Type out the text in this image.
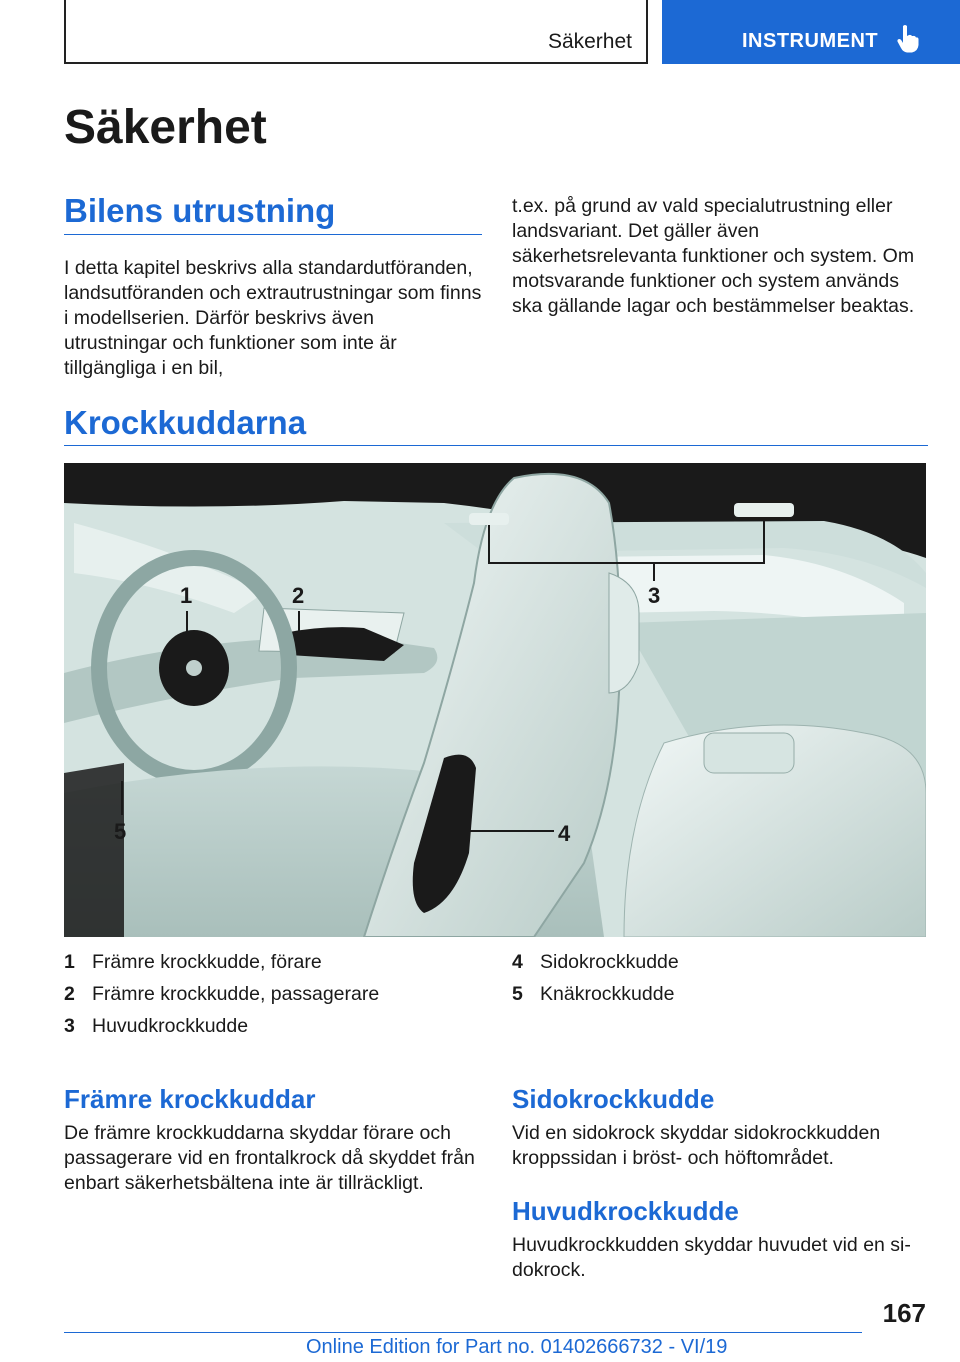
Säkerhet	INSTRUMENT
Säkerhet
Bilens utrustning

I detta kapitel beskrivs alla standardutföranden, landsutföranden och extrautrustningar som finns i modellserien. Därför beskrivs även utrustningar och funktioner som inte är tillgängliga i en bil,

t.ex. på grund av vald specialutrustning eller landsvariant. Det gäller även säkerhetsrelevanta funktioner och system. Om motsvarande funktioner och system används ska gällande lagar och bestämmelser beaktas.

Krockkuddarna
1	2	3
4
5
1 Främre krockkudde, förare
2 Främre krockkudde, passagerare
3 Huvudkrockkudde
4 Sidokrockkudde
5 Knäkrockkudde
Främre krockkuddar

De främre krockkuddarna skyddar förare och passagerare vid en frontalkrock då skyddet från enbart säkerhetsbältena inte är tillräckligt.

Sidokrockkudde

Vid en sidokrock skyddar sidokrockkudden kroppssidan i bröst- och höftområdet.

Huvudkrockkudde

Huvudkrockkudden skyddar huvudet vid en sidokrock.

167
Online Edition for Part no. 01402666732 - VI/19
